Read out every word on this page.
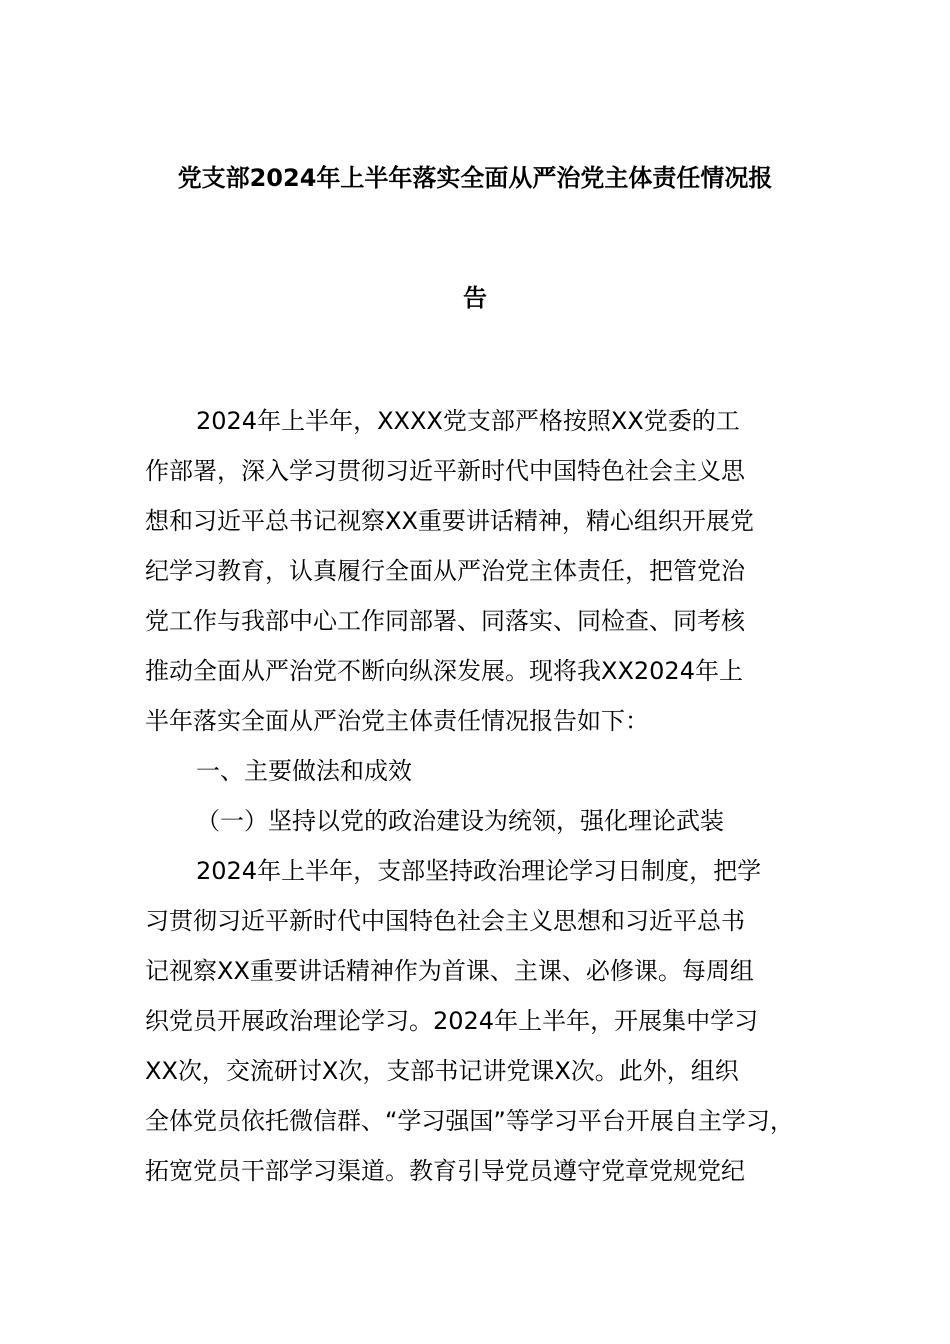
党支部2024年上半年落实全面从严治党主体责任情况报
告
2024年上半年，XXXX党支部严格按照XX党委的工
作部署，深入学习贯彻习近平新时代中国特色社会主义思
想和习近平总书记视察XX重要讲话精神，精心组织开展党
纪学习教育，认真履行全面从严治党主体责任，把管党治
党工作与我部中心工作同部署、同落实、同检查、同考核
推动全面从严治党不断向纵深发展。现将我XX2024年上
半年落实全面从严治党主体责任情况报告如下：
一、主要做法和成效
（一）坚持以党的政治建设为统领，强化理论武装
2024年上半年，支部坚持政治理论学习日制度，把学
习贯彻习近平新时代中国特色社会主义思想和习近平总书
记视察XX重要讲话精神作为首课、主课、必修课。每周组
织党员开展政治理论学习。2024年上半年，开展集中学习
XX次，交流研讨X次，支部书记讲党课X次。此外，组织
全体党员依托微信群、“学习强国”等学习平台开展自主学习，
拓宽党员干部学习渠道。教育引导党员遵守党章党规党纪
